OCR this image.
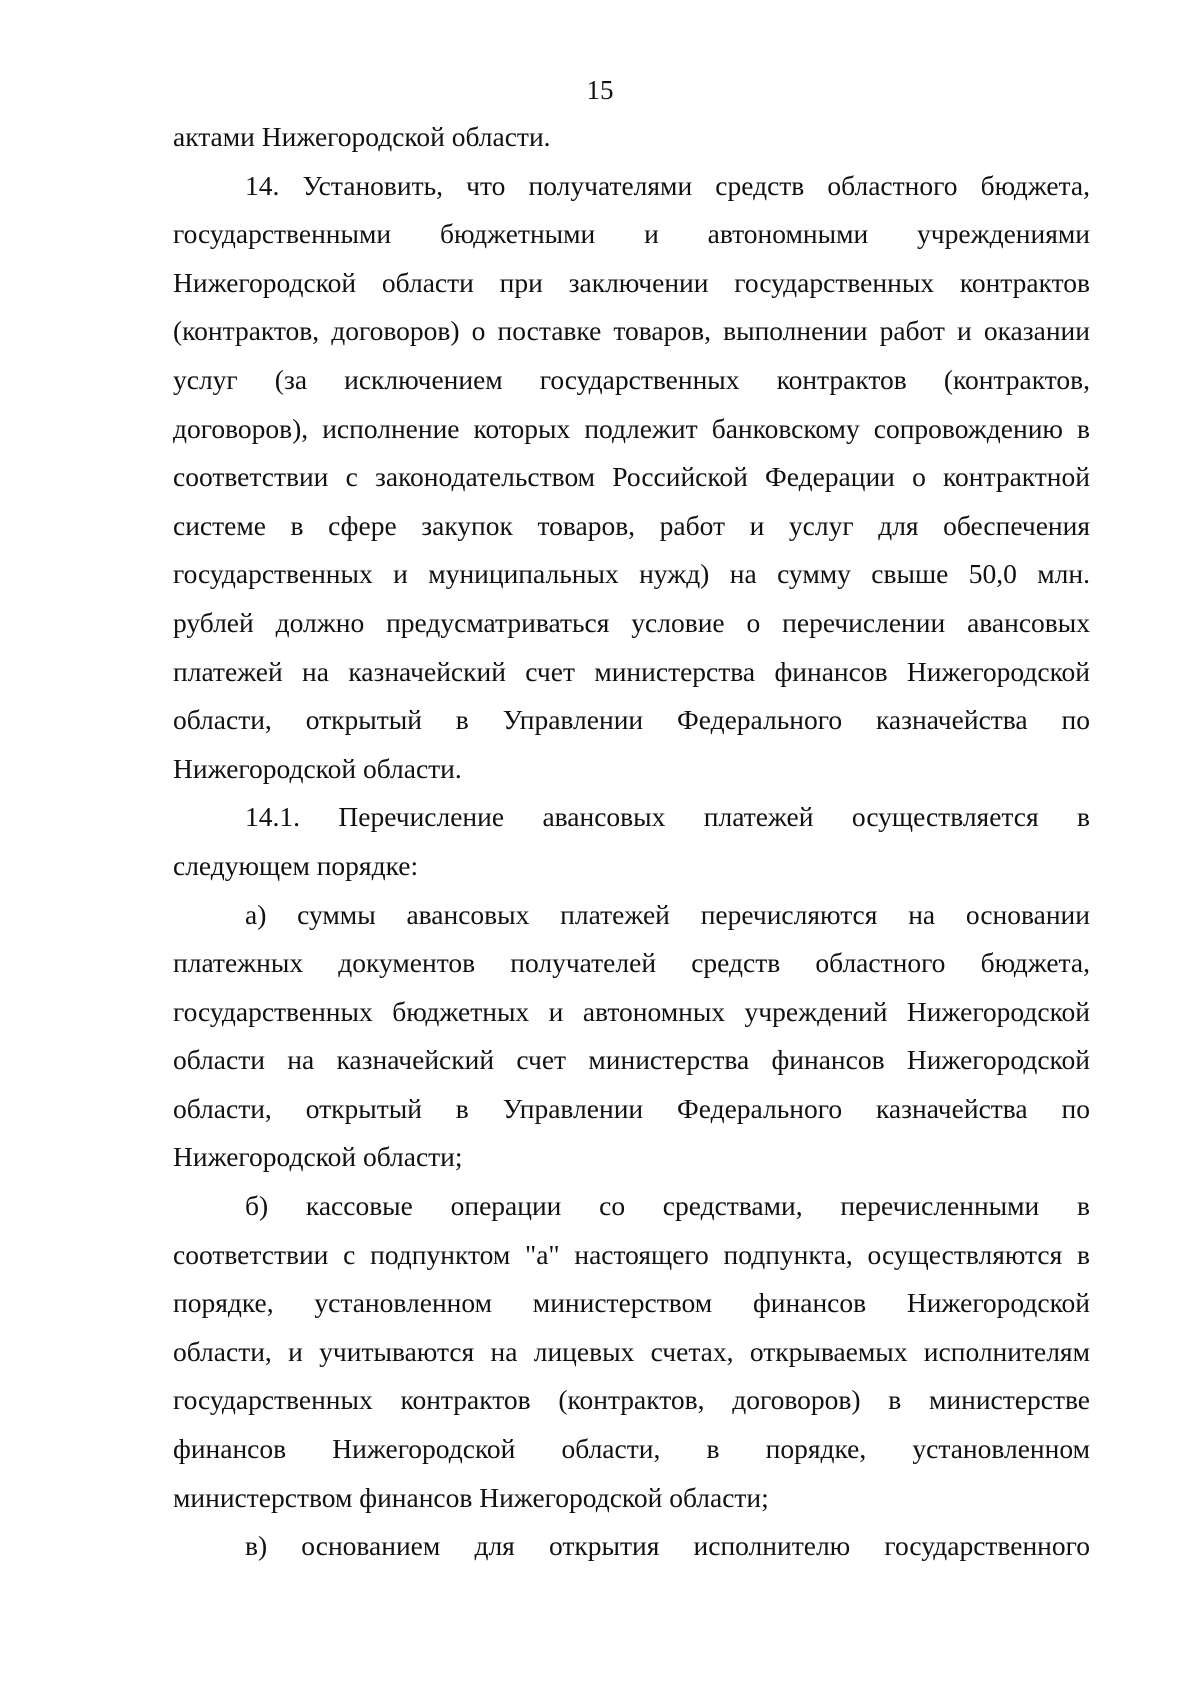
15
актами Нижегородской области.
14. Установить, что получателями средств областного бюджета,
государственными бюджетными и автономными учреждениями
Нижегородской области при заключении государственных контрактов
(контрактов, договоров) о поставке товаров, выполнении работ и оказании
услуг (за исключением государственных контрактов (контрактов,
договоров), исполнение которых подлежит банковскому сопровождению в
соответствии с законодательством Российской Федерации о контрактной
системе в сфере закупок товаров, работ и услуг для обеспечения
государственных и муниципальных нужд) на сумму свыше 50,0 млн.
рублей должно предусматриваться условие о перечислении авансовых
платежей на казначейский счет министерства финансов Нижегородской
области, открытый в Управлении Федерального казначейства по
Нижегородской области.
14.1. Перечисление авансовых платежей осуществляется в
следующем порядке:
а) суммы авансовых платежей перечисляются на основании
платежных документов получателей средств областного бюджета,
государственных бюджетных и автономных учреждений Нижегородской
области на казначейский счет министерства финансов Нижегородской
области, открытый в Управлении Федерального казначейства по
Нижегородской области;
б) кассовые операции со средствами, перечисленными в
соответствии с подпунктом "а" настоящего подпункта, осуществляются в
порядке, установленном министерством финансов Нижегородской
области, и учитываются на лицевых счетах, открываемых исполнителям
государственных контрактов (контрактов, договоров) в министерстве
финансов Нижегородской области, в порядке, установленном
министерством финансов Нижегородской области;
в) основанием для открытия исполнителю государственного
